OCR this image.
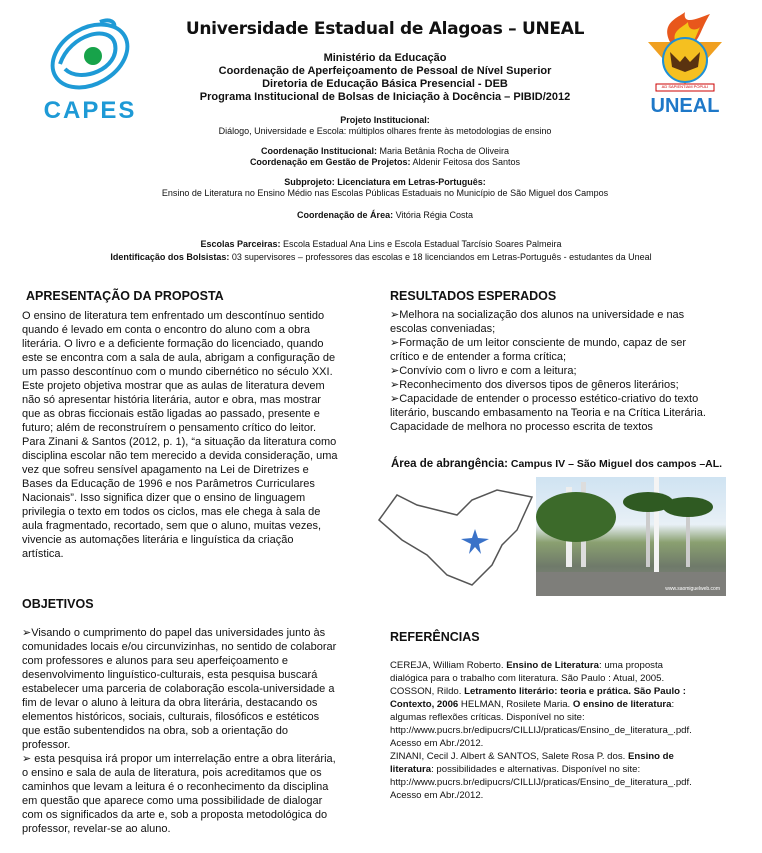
CAPES
AD SAPIENTIAM POPULI
UNEAL
Universidade Estadual de Alagoas – UNEAL
Ministério da Educação
Coordenação de Aperfeiçoamento de Pessoal de Nível Superior
Diretoria de Educação Básica Presencial - DEB
Programa Institucional de Bolsas de Iniciação à Docência – PIBID/2012
Projeto Institucional:
Diálogo, Universidade e Escola: múltiplos olhares frente às metodologias de ensino
Coordenação Institucional: Maria Betânia Rocha de Oliveira
Coordenação em Gestão de Projetos: Aldenir Feitosa dos Santos
Subprojeto: Licenciatura em Letras-Português:
Ensino de Literatura no Ensino Médio nas Escolas Públicas Estaduais no Município de São Miguel dos Campos
Coordenação de Área: Vitória Régia Costa
Escolas Parceiras: Escola Estadual Ana Lins e Escola Estadual Tarcísio Soares Palmeira
Identificação dos Bolsistas: 03 supervisores – professores das escolas e 18 licenciandos em Letras-Português - estudantes da Uneal
APRESENTAÇÃO DA PROPOSTA
O ensino de literatura tem enfrentado um descontínuo sentido
quando é levado em conta o encontro do aluno com a obra
literária. O livro e a deficiente formação do licenciado, quando
este se encontra com a sala de aula, abrigam a configuração de
um passo descontínuo com o mundo cibernético no século XXI.
Este projeto objetiva mostrar que as aulas de literatura devem
não só apresentar história literária, autor e obra, mas mostrar
que as obras ficcionais estão ligadas ao passado, presente e
futuro; além de reconstruírem o pensamento crítico do leitor.
Para Zinani & Santos (2012, p. 1), “a situação da literatura como
disciplina escolar não tem merecido a devida consideração, uma
vez que sofreu sensível apagamento na Lei de Diretrizes e
Bases da Educação de 1996 e nos Parâmetros Curriculares
Nacionais”. Isso significa dizer que o ensino de linguagem
privilegia o texto em todos os ciclos, mas ele chega à sala de
aula fragmentado, recortado, sem que o aluno, muitas vezes,
vivencie as automações literária e linguística da criação
artística.
OBJETIVOS
➢Visando o cumprimento do papel das universidades junto às
comunidades locais e/ou circunvizinhas, no sentido de colaborar
com professores e alunos para seu aperfeiçoamento e
desenvolvimento linguístico-culturais, esta pesquisa buscará
estabelecer uma parceria de colaboração escola-universidade a
fim de levar o aluno à leitura da obra literária, destacando os
elementos históricos, sociais, culturais, filosóficos e estéticos
que estão subentendidos na obra, sob a orientação do
professor.
➢ esta pesquisa irá propor um interrelação entre a obra literária,
o ensino e sala de aula de literatura, pois acreditamos que os
caminhos que levam a leitura é o reconhecimento da disciplina
em questão que aparece como uma possibilidade de dialogar
com os significados da arte e, sob a proposta metodológica do
professor, revelar-se ao aluno.
RESULTADOS ESPERADOS
➢Melhora na socialização dos alunos na universidade e nas
escolas conveniadas;
➢Formação de um leitor consciente de mundo, capaz de ser
crítico e de entender a forma crítica;
➢Convívio com o livro e com a leitura;
➢Reconhecimento dos diversos tipos de gêneros literários;
➢Capacidade de entender o processo estético-criativo do texto
literário, buscando embasamento na Teoria e na Crítica Literária.
Capacidade de melhora no processo escrita de textos
Área de abrangência: Campus IV – São Miguel dos campos –AL.
www.saomiguelweb.com
REFERÊNCIAS
CEREJA, William Roberto. Ensino de Literatura: uma proposta
dialógica para o trabalho com literatura. São Paulo : Atual, 2005.
COSSON, Rildo. Letramento literário: teoria e prática. São Paulo :
Contexto, 2006 HELMAN, Rosilete Maria. O ensino de literatura:
algumas reflexões críticas. Disponível no site:
http://www.pucrs.br/edipucrs/CILLIJ/praticas/Ensino_de_literatura_.pdf.
Acesso em Abr./2012.
ZINANI, Cecil J. Albert & SANTOS, Salete Rosa P. dos. Ensino de
literatura: possibilidades e alternativas. Disponível no site:
http://www.pucrs.br/edipucrs/CILLIJ/praticas/Ensino_de_literatura_.pdf.
Acesso em Abr./2012.
